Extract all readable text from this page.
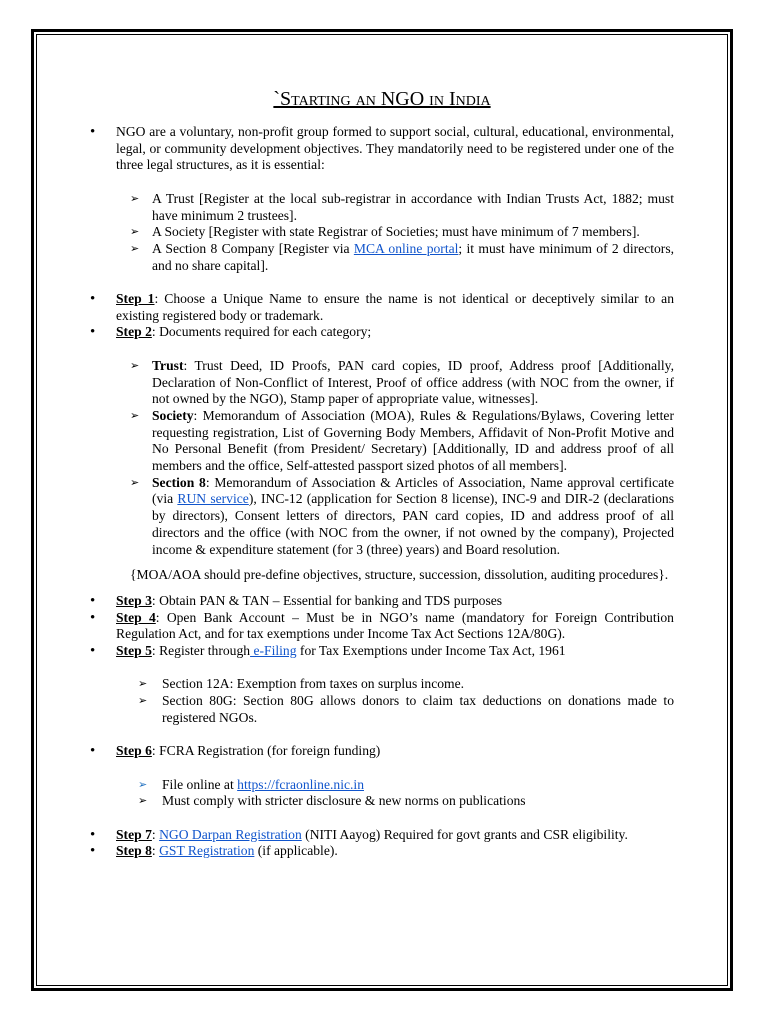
`Starting an NGO in India
• NGO are a voluntary, non-profit group formed to support social, cultural, educational, environmental, legal, or community development objectives. They mandatorily need to be registered under one of the three legal structures, as it is essential:
➢ A Trust [Register at the local sub-registrar in accordance with Indian Trusts Act, 1882; must have minimum 2 trustees].
➢ A Society [Register with state Registrar of Societies; must have minimum of 7 members].
➢ A Section 8 Company [Register via MCA online portal; it must have minimum of 2 directors, and no share capital].
• Step 1: Choose a Unique Name to ensure the name is not identical or deceptively similar to an existing registered body or trademark.
• Step 2: Documents required for each category;
➢ Trust: Trust Deed, ID Proofs, PAN card copies, ID proof, Address proof [Additionally, Declaration of Non-Conflict of Interest, Proof of office address (with NOC from the owner, if not owned by the NGO), Stamp paper of appropriate value, witnesses].
➢ Society: Memorandum of Association (MOA), Rules & Regulations/Bylaws, Covering letter requesting registration, List of Governing Body Members, Affidavit of Non-Profit Motive and No Personal Benefit (from President/ Secretary) [Additionally, ID and address proof of all members and the office, Self-attested passport sized photos of all members].
➢ Section 8: Memorandum of Association & Articles of Association, Name approval certificate (via RUN service), INC-12 (application for Section 8 license), INC-9 and DIR-2 (declarations by directors), Consent letters of directors, PAN card copies, ID and address proof of all directors and the office (with NOC from the owner, if not owned by the company), Projected income & expenditure statement (for 3 (three) years) and Board resolution.
{MOA/AOA should pre-define objectives, structure, succession, dissolution, auditing procedures}.
• Step 3: Obtain PAN & TAN – Essential for banking and TDS purposes
• Step 4: Open Bank Account – Must be in NGO’s name (mandatory for Foreign Contribution Regulation Act, and for tax exemptions under Income Tax Act Sections 12A/80G).
• Step 5: Register through e-Filing for Tax Exemptions under Income Tax Act, 1961
➢ Section 12A: Exemption from taxes on surplus income.
➢ Section 80G: Section 80G allows donors to claim tax deductions on donations made to registered NGOs.
• Step 6: FCRA Registration (for foreign funding)
➢ File online at https://fcraonline.nic.in
➢ Must comply with stricter disclosure & new norms on publications
• Step 7: NGO Darpan Registration (NITI Aayog) Required for govt grants and CSR eligibility.
• Step 8: GST Registration (if applicable).
